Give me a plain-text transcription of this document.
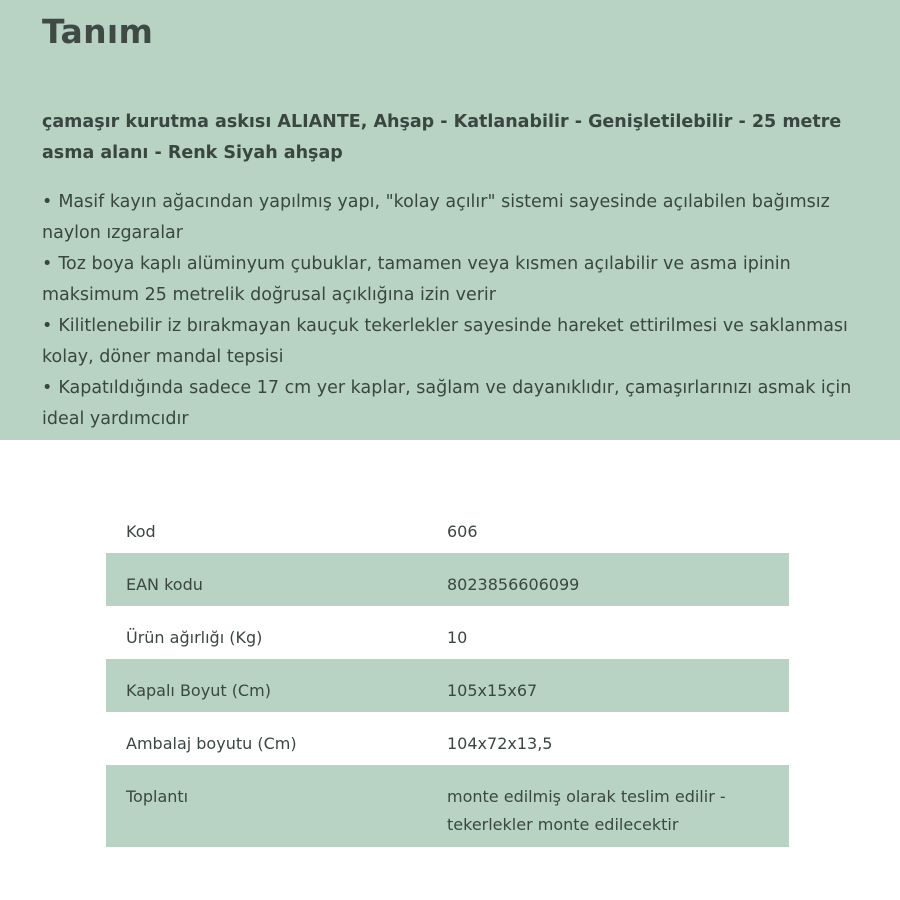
Tanım

çamaşır kurutma askısı ALIANTE, Ahşap - Katlanabilir - Genişletilebilir - 25 metre asma alanı - Renk Siyah ahşap

• Masif kayın ağacından yapılmış yapı, "kolay açılır" sistemi sayesinde açılabilen bağımsız naylon ızgaralar
• Toz boya kaplı alüminyum çubuklar, tamamen veya kısmen açılabilir ve asma ipinin maksimum 25 metrelik doğrusal açıklığına izin verir
• Kilitlenebilir iz bırakmayan kauçuk tekerlekler sayesinde hareket ettirilmesi ve saklanması kolay, döner mandal tepsisi
• Kapatıldığında sadece 17 cm yer kaplar, sağlam ve dayanıklıdır, çamaşırlarınızı asmak için ideal yardımcıdır
Kod	606
EAN kodu	8023856606099
Ürün ağırlığı (Kg)	10
Kapalı Boyut (Cm)	105x15x67
Ambalaj boyutu (Cm)	104x72x13,5
Toplantı	monte edilmiş olarak teslim edilir - tekerlekler monte edilecektir
